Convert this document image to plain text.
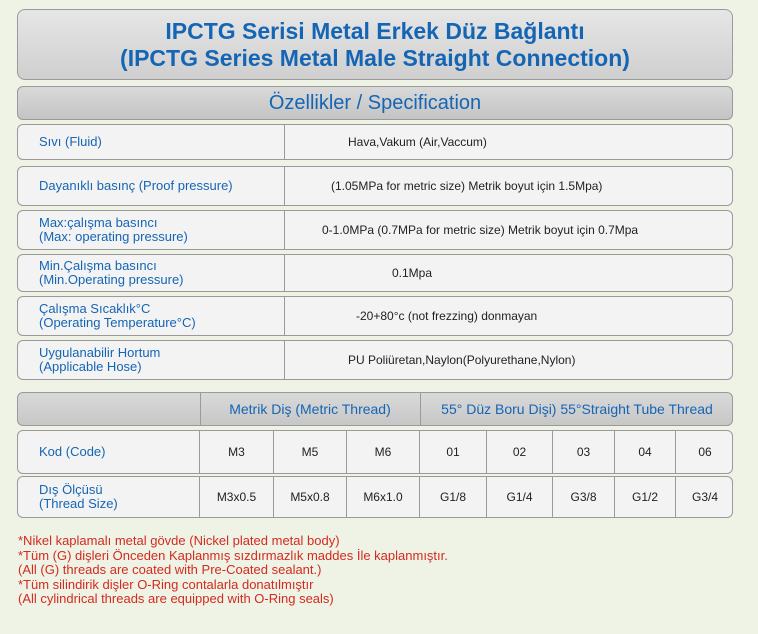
IPCTG Serisi Metal Erkek Düz Bağlantı
(IPCTG Series Metal Male Straight Connection)
Özellikler / Specification
Sıvı (Fluid)	Hava,Vakum (Air,Vaccum)
Dayanıklı basınç (Proof pressure)	(1.05MPa for metric size) Metrik boyut için 1.5Mpa)
Max:çalışma basıncı
(Max: operating pressure)	0-1.0MPa (0.7MPa for metric size) Metrik boyut için 0.7Mpa
Min.Çalışma basıncı
(Min.Operating pressure)	0.1Mpa
Çalışma Sıcaklık°C
(Operating Temperature°C)	-20+80°c (not frezzing) donmayan
Uygulanabilir Hortum
(Applicable Hose)	PU Poliüretan,Naylon(Polyurethane,Nylon)
Metrik Diş (Metric Thread)	55° Düz Boru Dişi) 55°Straight Tube Thread
Kod (Code)	M3	M5	M6	01	02	03	04	06
Dış Ölçüsü
(Thread Size)	M3x0.5	M5x0.8	M6x1.0	G1/8	G1/4	G3/8	G1/2	G3/4
*Nikel kaplamalı metal gövde (Nickel plated metal body)
*Tüm (G) dişleri Önceden Kaplanmış sızdırmazlık maddes İle kaplanmıştır.
(All (G) threads are coated with Pre-Coated sealant.)
*Tüm silindirik dişler O-Ring contalarla donatılmıştır
(All cylindrical threads are equipped with O-Ring seals)
